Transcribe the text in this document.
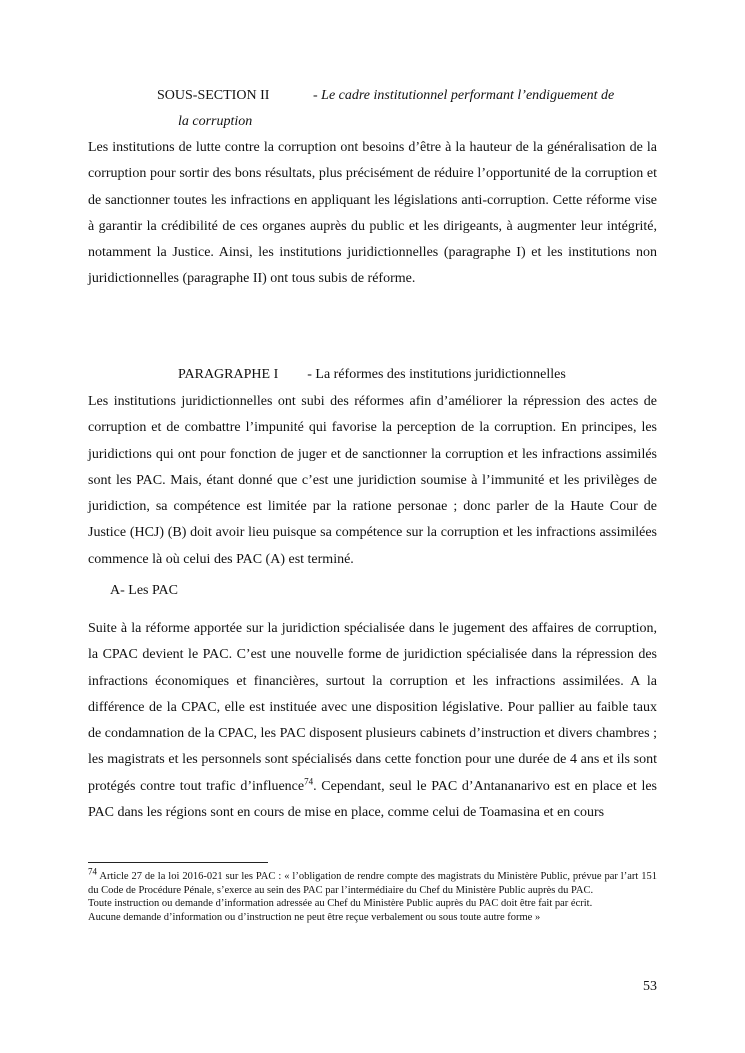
SOUS-SECTION II	- Le cadre institutionnel performant l’endiguement de
la corruption

Les institutions de lutte contre la corruption ont besoins d’être à la hauteur de la généralisation de la corruption pour sortir des bons résultats, plus précisément de réduire l’opportunité de la corruption et de sanctionner toutes les infractions en appliquant les législations anti-corruption. Cette réforme vise à garantir la crédibilité de ces organes auprès du public et les dirigeants, à augmenter leur intégrité, notamment la Justice. Ainsi, les institutions juridictionnelles (paragraphe I) et les institutions non juridictionnelles (paragraphe II) ont tous subis de réforme.

PARAGRAPHE I - La réformes des institutions juridictionnelles

Les institutions juridictionnelles ont subi des réformes afin d’améliorer la répression des actes de corruption et de combattre l’impunité qui favorise la perception de la corruption. En principes, les juridictions qui ont pour fonction de juger et de sanctionner la corruption et les infractions assimilés sont les PAC. Mais, étant donné que c’est une juridiction soumise à l’immunité et les privilèges de juridiction, sa compétence est limitée par la ratione personae ; donc parler de la Haute Cour de Justice (HCJ) (B) doit avoir lieu puisque sa compétence sur la corruption et les infractions assimilées commence là où celui des PAC (A) est terminé.

A- Les PAC

Suite à la réforme apportée sur la juridiction spécialisée dans le jugement des affaires de corruption, la CPAC devient le PAC. C’est une nouvelle forme de juridiction spécialisée dans la répression des infractions économiques et financières, surtout la corruption et les infractions assimilées. A la différence de la CPAC, elle est instituée avec une disposition législative. Pour pallier au faible taux de condamnation de la CPAC, les PAC disposent plusieurs cabinets d’instruction et divers chambres ; les magistrats et les personnels sont spécialisés dans cette fonction pour une durée de 4 ans et ils sont protégés contre tout trafic d’influence$^{74}$. Cependant, seul le PAC d’Antananarivo est en place et les PAC dans les régions sont en cours de mise en place, comme celui de Toamasina et en cours

74 Article 27 de la loi 2016-021 sur les PAC : « l’obligation de rendre compte des magistrats du Ministère Public, prévue par l’art 151 du Code de Procédure Pénale, s’exerce au sein des PAC par l’intermédiaire du Chef du Ministère Public auprès du PAC.

Toute instruction ou demande d’information adressée au Chef du Ministère Public auprès du PAC doit être fait par écrit.

Aucune demande d’information ou d’instruction ne peut être reçue verbalement ou sous toute autre forme »

53
